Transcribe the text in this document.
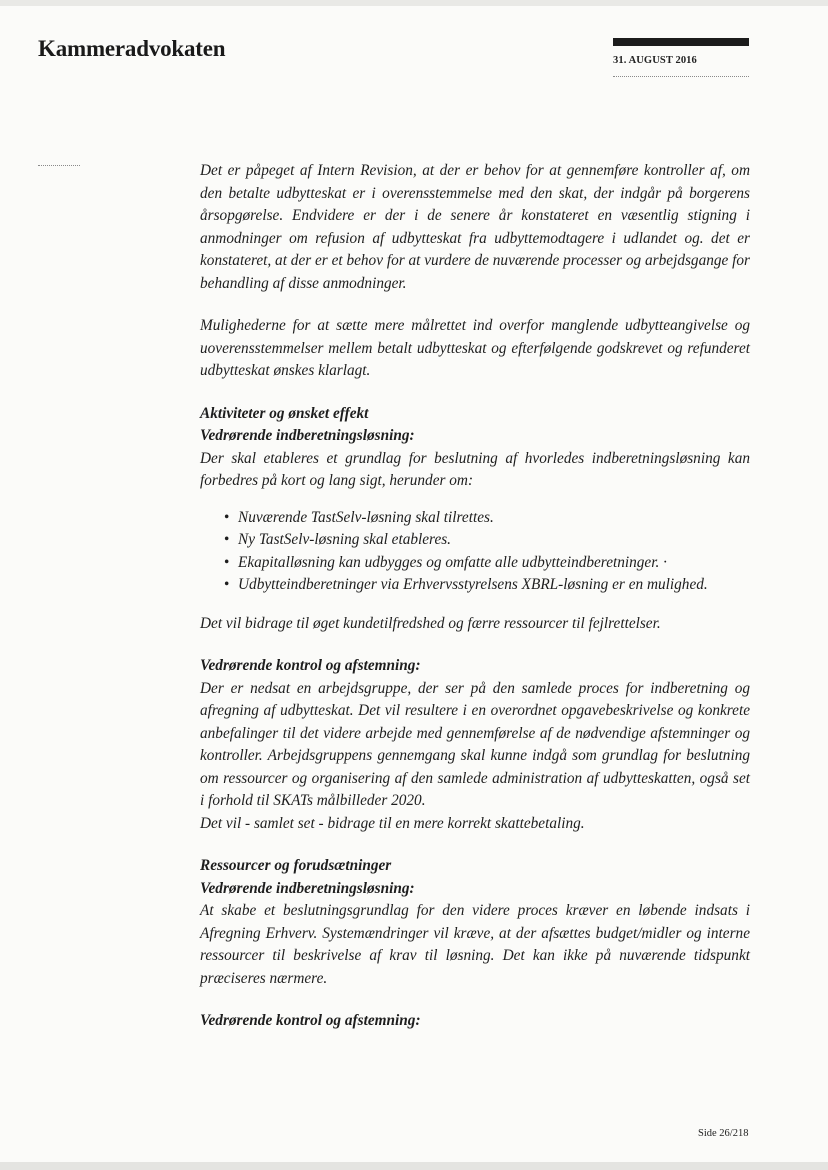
Kammeradvokaten	31. AUGUST 2016

Det er påpeget af Intern Revision, at der er behov for at gennemføre kontroller af, om den betalte udbytteskat er i overensstemmelse med den skat, der indgår på borgerens årsopgørelse. Endvidere er der i de senere år konstateret en væsentlig stigning i anmodninger om refusion af udbytteskat fra udbyttemodtagere i udlandet og. det er konstateret, at der er et behov for at vurdere de nuværende processer og arbejdsgange for behandling af disse anmodninger.

Mulighederne for at sætte mere målrettet ind overfor manglende udbytteangivelse og uoverensstemmelser mellem betalt udbytteskat og efterfølgende godskrevet og refunderet udbytteskat ønskes klarlagt.

Aktiviteter og ønsket effekt

Vedrørende indberetningsløsning:

Der skal etableres et grundlag for beslutning af hvorledes indberetningsløsning kan forbedres på kort og lang sigt, herunder om:

• Nuværende TastSelv-løsning skal tilrettes.
• Ny TastSelv-løsning skal etableres.
• Ekapitalløsning kan udbygges og omfatte alle udbytteindberetninger. ·
• Udbytteindberetninger via Erhvervsstyrelsens XBRL-løsning er en mulighed.

Det vil bidrage til øget kundetilfredshed og færre ressourcer til fejlrettelser.

Vedrørende kontrol og afstemning:

Der er nedsat en arbejdsgruppe, der ser på den samlede proces for indberetning og afregning af udbytteskat. Det vil resultere i en overordnet opgavebeskrivelse og konkrete anbefalinger til det videre arbejde med gennemførelse af de nødvendige afstemninger og kontroller. Arbejdsgruppens gennemgang skal kunne indgå som grundlag for beslutning om ressourcer og organisering af den samlede administration af udbytteskatten, også set i forhold til SKATs målbilleder 2020.

Det vil - samlet set - bidrage til en mere korrekt skattebetaling.

Ressourcer og forudsætninger

Vedrørende indberetningsløsning:

At skabe et beslutningsgrundlag for den videre proces kræver en løbende indsats i Afregning Erhverv. Systemændringer vil kræve, at der afsættes budget/midler og interne ressourcer til beskrivelse af krav til løsning. Det kan ikke på nuværende tidspunkt præciseres nærmere.

Vedrørende kontrol og afstemning:

Side 26/218
